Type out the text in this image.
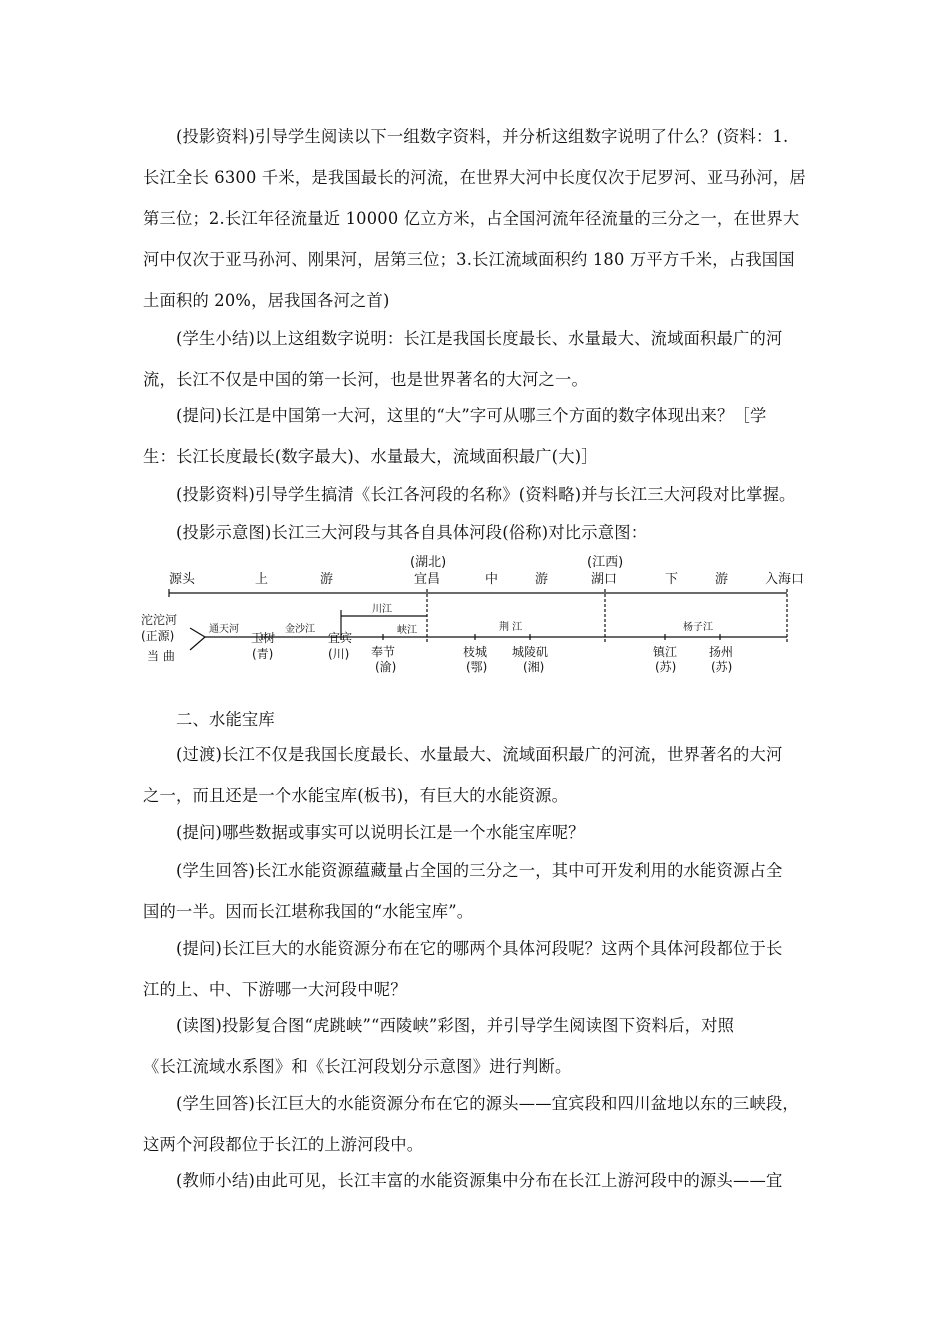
(投影资料)引导学生阅读以下一组数字资料，并分析这组数字说明了什么？(资料：1.
长江全长 6300 千米，是我国最长的河流，在世界大河中长度仅次于尼罗河、亚马孙河，居
第三位；2.长江年径流量近 10000 亿立方米，占全国河流年径流量的三分之一，在世界大
河中仅次于亚马孙河、刚果河，居第三位；3.长江流域面积约 180 万平方千米，占我国国
土面积的 20%，居我国各河之首)
(学生小结)以上这组数字说明：长江是我国长度最长、水量最大、流域面积最广的河
流，长江不仅是中国的第一长河，也是世界著名的大河之一。
(提问)长江是中国第一大河，这里的“大”字可从哪三个方面的数字体现出来？［学
生：长江长度最长(数字最大)、水量最大，流域面积最广(大)］
(投影资料)引导学生搞清《长江各河段的名称》(资料略)并与长江三大河段对比掌握。
(投影示意图)长江三大河段与其各自具体河段(俗称)对比示意图：
源头	上	游
(湖北)
宜昌	中	游
(江西)
湖口	下	游	入海口
沱沱河
(正源)
当 曲
通天河
玉树
(青)
金沙江
宜宾
(川)
川江
峡江
奉节
(渝)
荆 江
枝城
(鄂)
城陵矶
(湘)
杨子江
镇江
(苏)
扬州
(苏)
二、水能宝库
(过渡)长江不仅是我国长度最长、水量最大、流域面积最广的河流，世界著名的大河
之一，而且还是一个水能宝库(板书)，有巨大的水能资源。
(提问)哪些数据或事实可以说明长江是一个水能宝库呢？
(学生回答)长江水能资源蕴藏量占全国的三分之一，其中可开发利用的水能资源占全
国的一半。因而长江堪称我国的“水能宝库”。
(提问)长江巨大的水能资源分布在它的哪两个具体河段呢？这两个具体河段都位于长
江的上、中、下游哪一大河段中呢？
(读图)投影复合图“虎跳峡”“西陵峡”彩图，并引导学生阅读图下资料后，对照
《长江流域水系图》和《长江河段划分示意图》进行判断。
(学生回答)长江巨大的水能资源分布在它的源头——宜宾段和四川盆地以东的三峡段，
这两个河段都位于长江的上游河段中。
(教师小结)由此可见，长江丰富的水能资源集中分布在长江上游河段中的源头——宜
